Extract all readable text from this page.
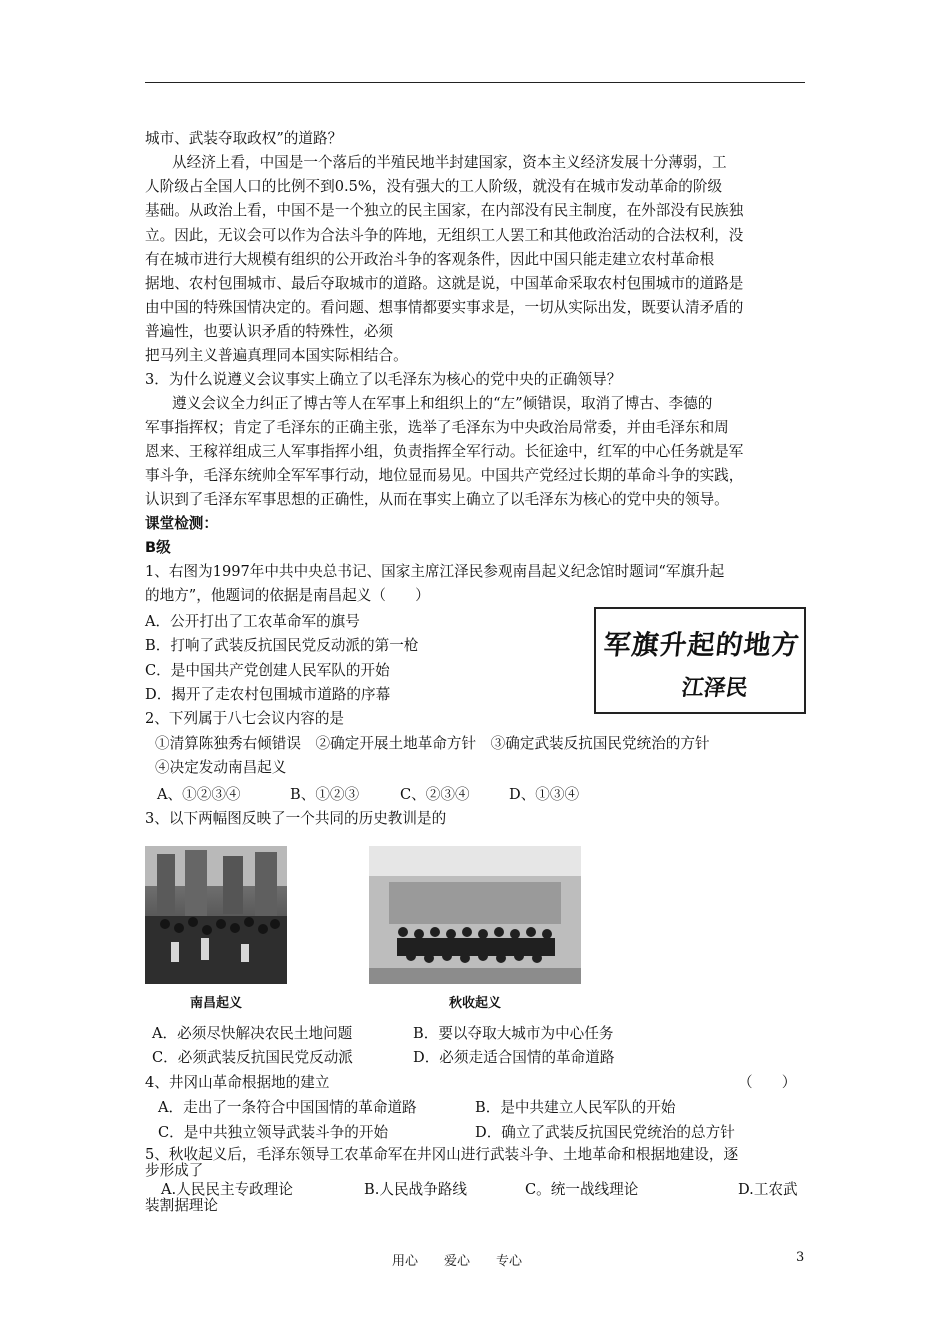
城市、武装夺取政权”的道路？
从经济上看，中国是一个落后的半殖民地半封建国家，资本主义经济发展十分薄弱，工
人阶级占全国人口的比例不到0.5%，没有强大的工人阶级，就没有在城市发动革命的阶级
基础。从政治上看，中国不是一个独立的民主国家，在内部没有民主制度，在外部没有民族独
立。因此，无议会可以作为合法斗争的阵地，无组织工人罢工和其他政治活动的合法权利，没
有在城市进行大规模有组织的公开政治斗争的客观条件，因此中国只能走建立农村革命根
据地、农村包围城市、最后夺取城市的道路。这就是说，中国革命采取农村包围城市的道路是
由中国的特殊国情决定的。看问题、想事情都要实事求是，一切从实际出发，既要认清矛盾的
普遍性，也要认识矛盾的特殊性，必须
把马列主义普遍真理同本国实际相结合。
3．为什么说遵义会议事实上确立了以毛泽东为核心的党中央的正确领导？
遵义会议全力纠正了博古等人在军事上和组织上的“左”倾错误，取消了博古、李德的
军事指挥权；肯定了毛泽东的正确主张，选举了毛泽东为中央政治局常委，并由毛泽东和周
恩来、王稼祥组成三人军事指挥小组，负责指挥全军行动。长征途中，红军的中心任务就是军
事斗争，毛泽东统帅全军军事行动，地位显而易见。中国共产党经过长期的革命斗争的实践，
认识到了毛泽东军事思想的正确性，从而在事实上确立了以毛泽东为核心的党中央的领导。
课堂检测：
B级
1、右图为1997年中共中央总书记、国家主席江泽民参观南昌起义纪念馆时题词“军旗升起
的地方”，他题词的依据是南昌起义（　　）
A．公开打出了工农革命军的旗号
B．打响了武装反抗国民党反动派的第一枪
C．是中国共产党创建人民军队的开始
D．揭开了走农村包围城市道路的序幕
军旗升起的地方
江泽民
2、下列属于八七会议内容的是
①清算陈独秀右倾错误　②确定开展土地革命方针　③确定武装反抗国民党统治的方针
④决定发动南昌起义
A、①②③④	B、①②③	C、②③④	D、①③④
3、以下两幅图反映了一个共同的历史教训是的
南昌起义	秋收起义
A．必须尽快解决农民土地问题	B．要以夺取大城市为中心任务
C．必须武装反抗国民党反动派	D．必须走适合国情的革命道路
4、井冈山革命根据地的建立	（　　）
A．走出了一条符合中国国情的革命道路	B．是中共建立人民军队的开始
C．是中共独立领导武装斗争的开始	D．确立了武装反抗国民党统治的总方针
5、秋收起义后，毛泽东领导工农革命军在井冈山进行武装斗争、土地革命和根据地建设，逐
步形成了
A.人民民主专政理论	B.人民战争路线	C。统一战线理论	D.工农武
装割据理论
用心　　爱心　　专心	3
